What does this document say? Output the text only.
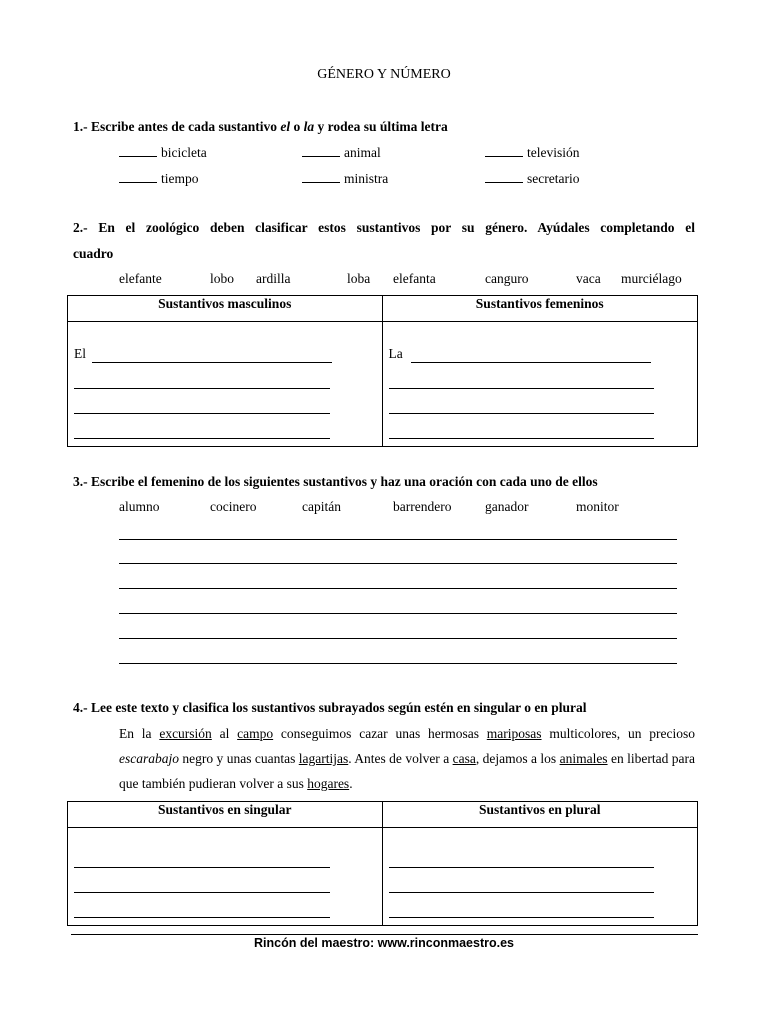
GÉNERO Y NÚMERO
1.- Escribe antes de cada sustantivo el o la y rodea su última letra
bicicleta	animal	televisión
tiempo	ministra	secretario
2.- En el zoológico deben clasificar estos sustantivos por su género. Ayúdales completando el
cuadro
elefante	lobo ardilla	loba elefanta	canguro	vaca murciélago
Sustantivos masculinos	Sustantivos femeninos

El	La
3.- Escribe el femenino de los siguientes sustantivos y haz una oración con cada uno de ellos
alumno	cocinero	capitán	barrendero ganador	monitor
4.- Lee este texto y clasifica los sustantivos subrayados según estén en singular o en plural
En la excursión al campo conseguimos cazar unas hermosas mariposas multicolores, un precioso escarabajo negro y unas cuantas lagartijas. Antes de volver a casa, dejamos a los animales en libertad para que también pudieran volver a sus hogares.
Sustantivos en singular	Sustantivos en plural

Rincón del maestro: www.rinconmaestro.es
